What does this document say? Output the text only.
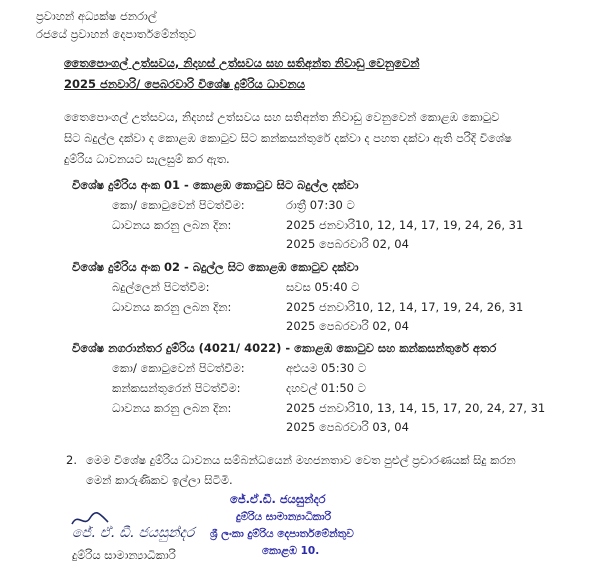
ප්‍රවාහන් අධ්‍යක්ෂ ජනරාල්
රජයේ ප්‍රවාහන් දෙපාර්තමේන්තුව
තෛපොංගල් උත්සවය, නිදහස් උත්සවය සහ සතිඅන්ත නිවාඩු වෙනුවෙන්
2025 ජනවාරි/ පෙබරවාරි විශේෂ දුම්රිය ධාවනය
තෛපොංගල් උත්සවය, නිදහස් උත්සවය සහ සතිඅන්ත නිවාඩු වෙනුවෙන් කොළඹ කොටුව
සිට බදුල්ල දක්වා ද කොළඹ කොටුව සිට කන්කසන්තුරේ දක්වා ද පහත දක්වා ඇති පරිදි විශේෂ
දුම්රිය ධාවනයට සැලසුම් කර ඇත.
විශේෂ දුම්රිය අංක 01 - කොළඹ කොටුව සිට බදුල්ල දක්වා
කො/ කොටුවෙන් පිටත්වීම:	රාත්‍රී 07:30 ට
ධාවනය කරනු ලබන දින:	2025 ජනවාරි10, 12, 14, 17, 19, 24, 26, 31
2025 පෙබරවාරි 02, 04
විශේෂ දුම්රිය අංක 02 - බදුල්ල සිට කොළඹ කොටුව දක්වා
බදුල්ලෙන් පිටත්වීම:	සවස 05:40 ට
ධාවනය කරනු ලබන දින:	2025 ජනවාරි10, 12, 14, 17, 19, 24, 26, 31
2025 පෙබරවාරි 02, 04
විශේෂ නගරාන්තර දුම්රිය (4021/ 4022) - කොළඹ කොටුව සහ කන්කසන්තුරේ අතර
කො/ කොටුවෙන් පිටත්වීම:	අළුයම 05:30 ට
කන්කසන්තුරෙන් පිටත්වීම:	දහවල් 01:50 ට
ධාවනය කරනු ලබන දින:	2025 ජනවාරි10, 13, 14, 15, 17, 20, 24, 27, 31
2025 පෙබරවාරි 03, 04
2. මෙම විශේෂ දුම්රිය ධාවනය සම්බන්ධයෙන් මහජනතාව වෙත පුළුල් ප්‍රචාරණයක් සිදු කරන
මෙන් කාරුණිකව ඉල්ලා සිටිමි.
ජේ.ඒ.ඩී. ජයසුන්දර
දුම්රිය සාමාන්‍යාධිකාරි
ශ්‍රී ලංකා දුම්රිය දෙපාර්තමේන්තුව
කොළඹ 10.
ජේ. ඒ. ඩී. ජයසුන්දර
දුම්රිය සාමාන්‍යාධිකාරි
